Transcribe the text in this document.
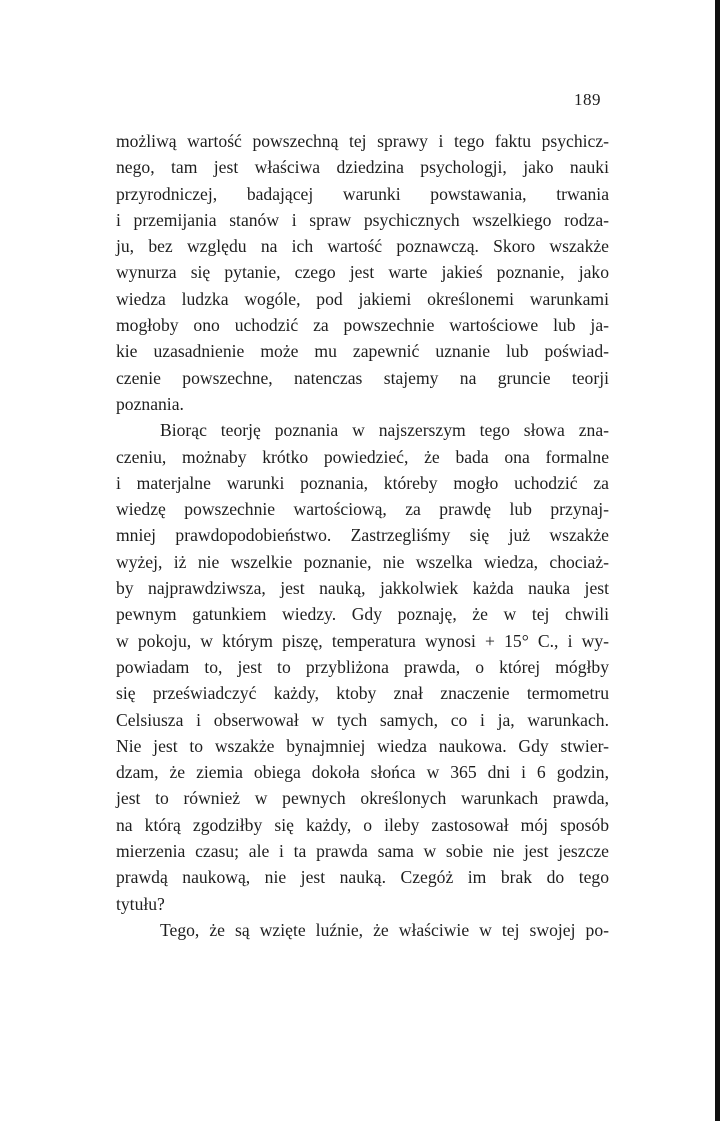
189
możliwą wartość powszechną tej sprawy i tego faktu psychicz-
nego, tam jest właściwa dziedzina psychologji, jako nauki
przyrodniczej, badającej warunki powstawania, trwania
i przemijania stanów i spraw psychicznych wszelkiego rodza-
ju, bez względu na ich wartość poznawczą. Skoro wszakże
wynurza się pytanie, czego jest warte jakieś poznanie, jako
wiedza ludzka wogóle, pod jakiemi określonemi warunkami
mogłoby ono uchodzić za powszechnie wartościowe lub ja-
kie uzasadnienie może mu zapewnić uznanie lub poświad-
czenie powszechne, natenczas stajemy na gruncie teorji
poznania.
Biorąc teorję poznania w najszerszym tego słowa zna-
czeniu, możnaby krótko powiedzieć, że bada ona formalne
i materjalne warunki poznania, któreby mogło uchodzić za
wiedzę powszechnie wartościową, za prawdę lub przynaj-
mniej prawdopodobieństwo. Zastrzegliśmy się już wszakże
wyżej, iż nie wszelkie poznanie, nie wszelka wiedza, chociaż-
by najprawdziwsza, jest nauką, jakkolwiek każda nauka jest
pewnym gatunkiem wiedzy. Gdy poznaję, że w tej chwili
w pokoju, w którym piszę, temperatura wynosi + 15° C., i wy-
powiadam to, jest to przybliżona prawda, o której mógłby
się przeświadczyć każdy, ktoby znał znaczenie termometru
Celsiusza i obserwował w tych samych, co i ja, warunkach.
Nie jest to wszakże bynajmniej wiedza naukowa. Gdy stwier-
dzam, że ziemia obiega dokoła słońca w 365 dni i 6 godzin,
jest to również w pewnych określonych warunkach prawda,
na którą zgodziłby się każdy, o ileby zastosował mój sposób
mierzenia czasu; ale i ta prawda sama w sobie nie jest jeszcze
prawdą naukową, nie jest nauką. Czegóż im brak do tego
tytułu?
Tego, że są wzięte luźnie, że właściwie w tej swojej po-
